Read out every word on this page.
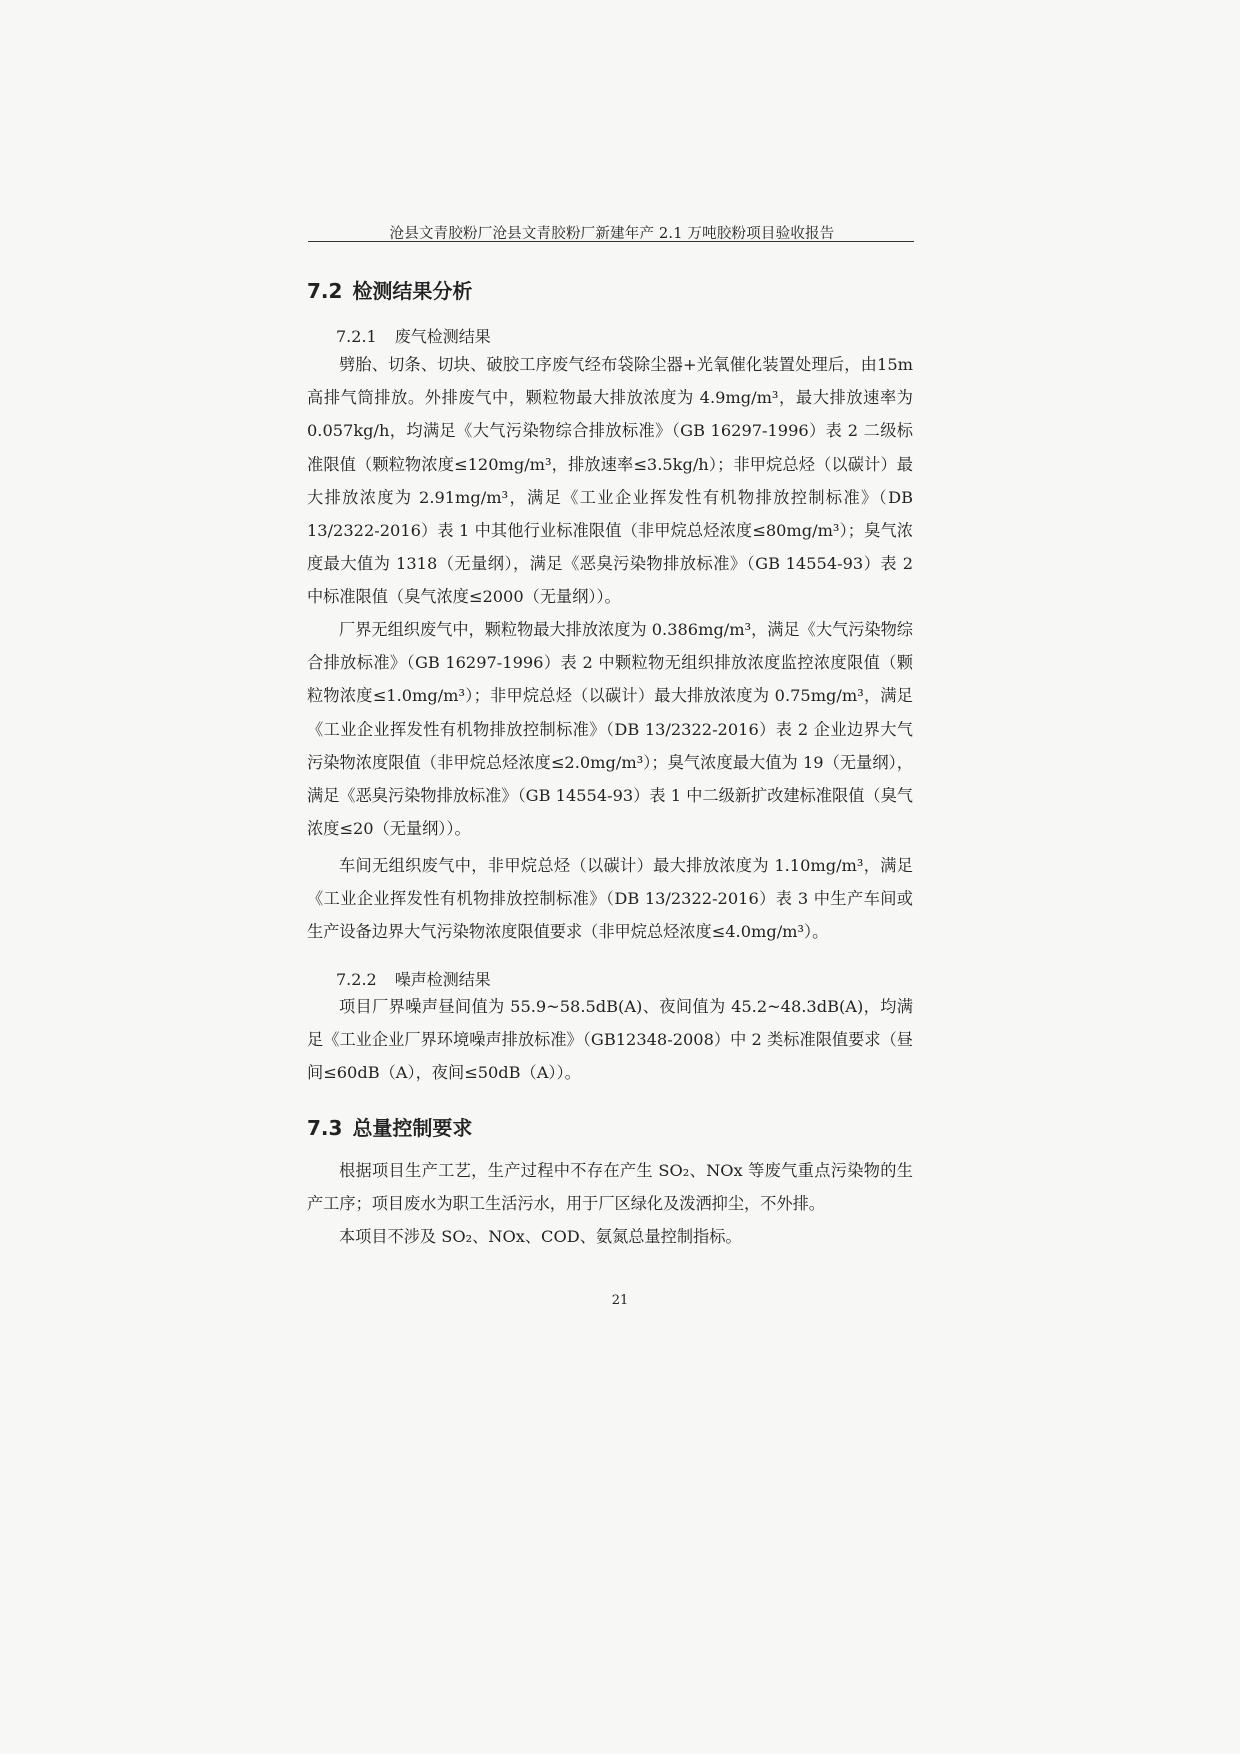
沧县文青胶粉厂沧县文青胶粉厂新建年产 2.1 万吨胶粉项目验收报告
7.2 检测结果分析
7.2.1 废气检测结果

劈胎、切条、切块、破胶工序废气经布袋除尘器+光氧催化装置处理后，由15m 高排气筒排放。外排废气中，颗粒物最大排放浓度为 4.9mg/m³，最大排放速率为 0.057kg/h，均满足《大气污染物综合排放标准》（GB 16297-1996）表 2 二级标准限值（颗粒物浓度≤120mg/m³，排放速率≤3.5kg/h）；非甲烷总烃（以碳计）最大排放浓度为 2.91mg/m³，满足《工业企业挥发性有机物排放控制标准》（DB 13/2322-2016）表 1 中其他行业标准限值（非甲烷总烃浓度≤80mg/m³）；臭气浓度最大值为 1318（无量纲），满足《恶臭污染物排放标准》（GB 14554-93）表 2 中标准限值（臭气浓度≤2000（无量纲））。

厂界无组织废气中，颗粒物最大排放浓度为 0.386mg/m³，满足《大气污染物综合排放标准》（GB 16297-1996）表 2 中颗粒物无组织排放浓度监控浓度限值（颗粒物浓度≤1.0mg/m³）；非甲烷总烃（以碳计）最大排放浓度为 0.75mg/m³，满足《工业企业挥发性有机物排放控制标准》（DB 13/2322-2016）表 2 企业边界大气污染物浓度限值（非甲烷总烃浓度≤2.0mg/m³）；臭气浓度最大值为 19（无量纲），满足《恶臭污染物排放标准》（GB 14554-93）表 1 中二级新扩改建标准限值（臭气浓度≤20（无量纲））。

车间无组织废气中，非甲烷总烃（以碳计）最大排放浓度为 1.10mg/m³，满足《工业企业挥发性有机物排放控制标准》（DB 13/2322-2016）表 3 中生产车间或生产设备边界大气污染物浓度限值要求（非甲烷总烃浓度≤4.0mg/m³）。

7.2.2 噪声检测结果

项目厂界噪声昼间值为 55.9~58.5dB(A)、夜间值为 45.2~48.3dB(A)，均满足《工业企业厂界环境噪声排放标准》（GB12348-2008）中 2 类标准限值要求（昼间≤60dB（A），夜间≤50dB（A））。

7.3 总量控制要求

根据项目生产工艺，生产过程中不存在产生 SO₂、NOx 等废气重点污染物的生产工序；项目废水为职工生活污水，用于厂区绿化及泼洒抑尘，不外排。

本项目不涉及 SO₂、NOx、COD、氨氮总量控制指标。

21
